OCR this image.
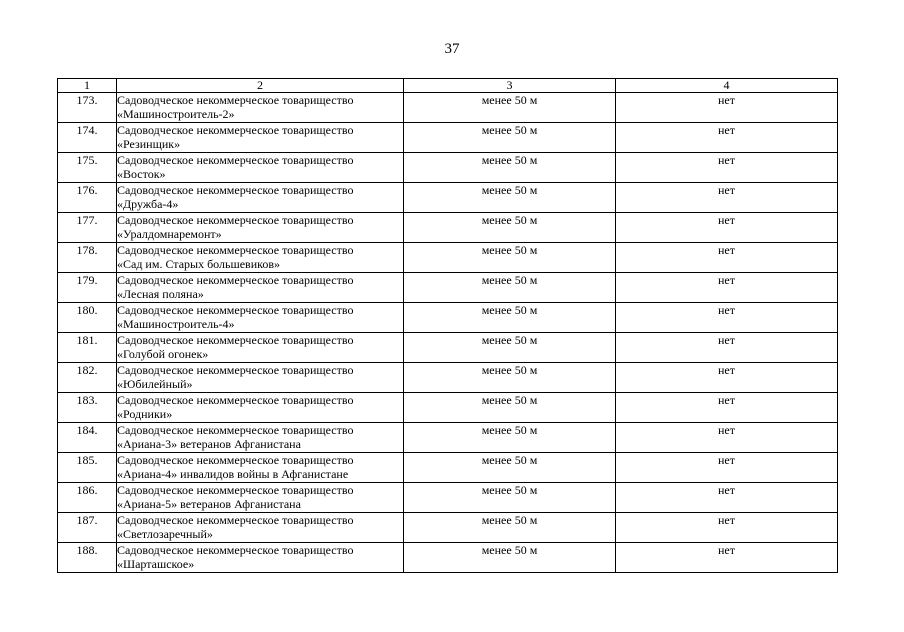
37
1	2	3	4
173.	Садоводческое некоммерческое товарищество
«Машиностроитель-2»	менее 50 м	нет
174.	Садоводческое некоммерческое товарищество
«Резинщик»	менее 50 м	нет
175.	Садоводческое некоммерческое товарищество
«Восток»	менее 50 м	нет
176.	Садоводческое некоммерческое товарищество
«Дружба-4»	менее 50 м	нет
177.	Садоводческое некоммерческое товарищество
«Уралдомнаремонт»	менее 50 м	нет
178.	Садоводческое некоммерческое товарищество
«Сад им. Старых большевиков»	менее 50 м	нет
179.	Садоводческое некоммерческое товарищество
«Лесная поляна»	менее 50 м	нет
180.	Садоводческое некоммерческое товарищество
«Машиностроитель-4»	менее 50 м	нет
181.	Садоводческое некоммерческое товарищество
«Голубой огонек»	менее 50 м	нет
182.	Садоводческое некоммерческое товарищество
«Юбилейный»	менее 50 м	нет
183.	Садоводческое некоммерческое товарищество
«Родники»	менее 50 м	нет
184.	Садоводческое некоммерческое товарищество
«Ариана-3» ветеранов Афганистана	менее 50 м	нет
185.	Садоводческое некоммерческое товарищество
«Ариана-4» инвалидов войны в Афганистане	менее 50 м	нет
186.	Садоводческое некоммерческое товарищество
«Ариана-5» ветеранов Афганистана	менее 50 м	нет
187.	Садоводческое некоммерческое товарищество
«Светлозаречный»	менее 50 м	нет
188.	Садоводческое некоммерческое товарищество
«Шарташское»	менее 50 м	нет
